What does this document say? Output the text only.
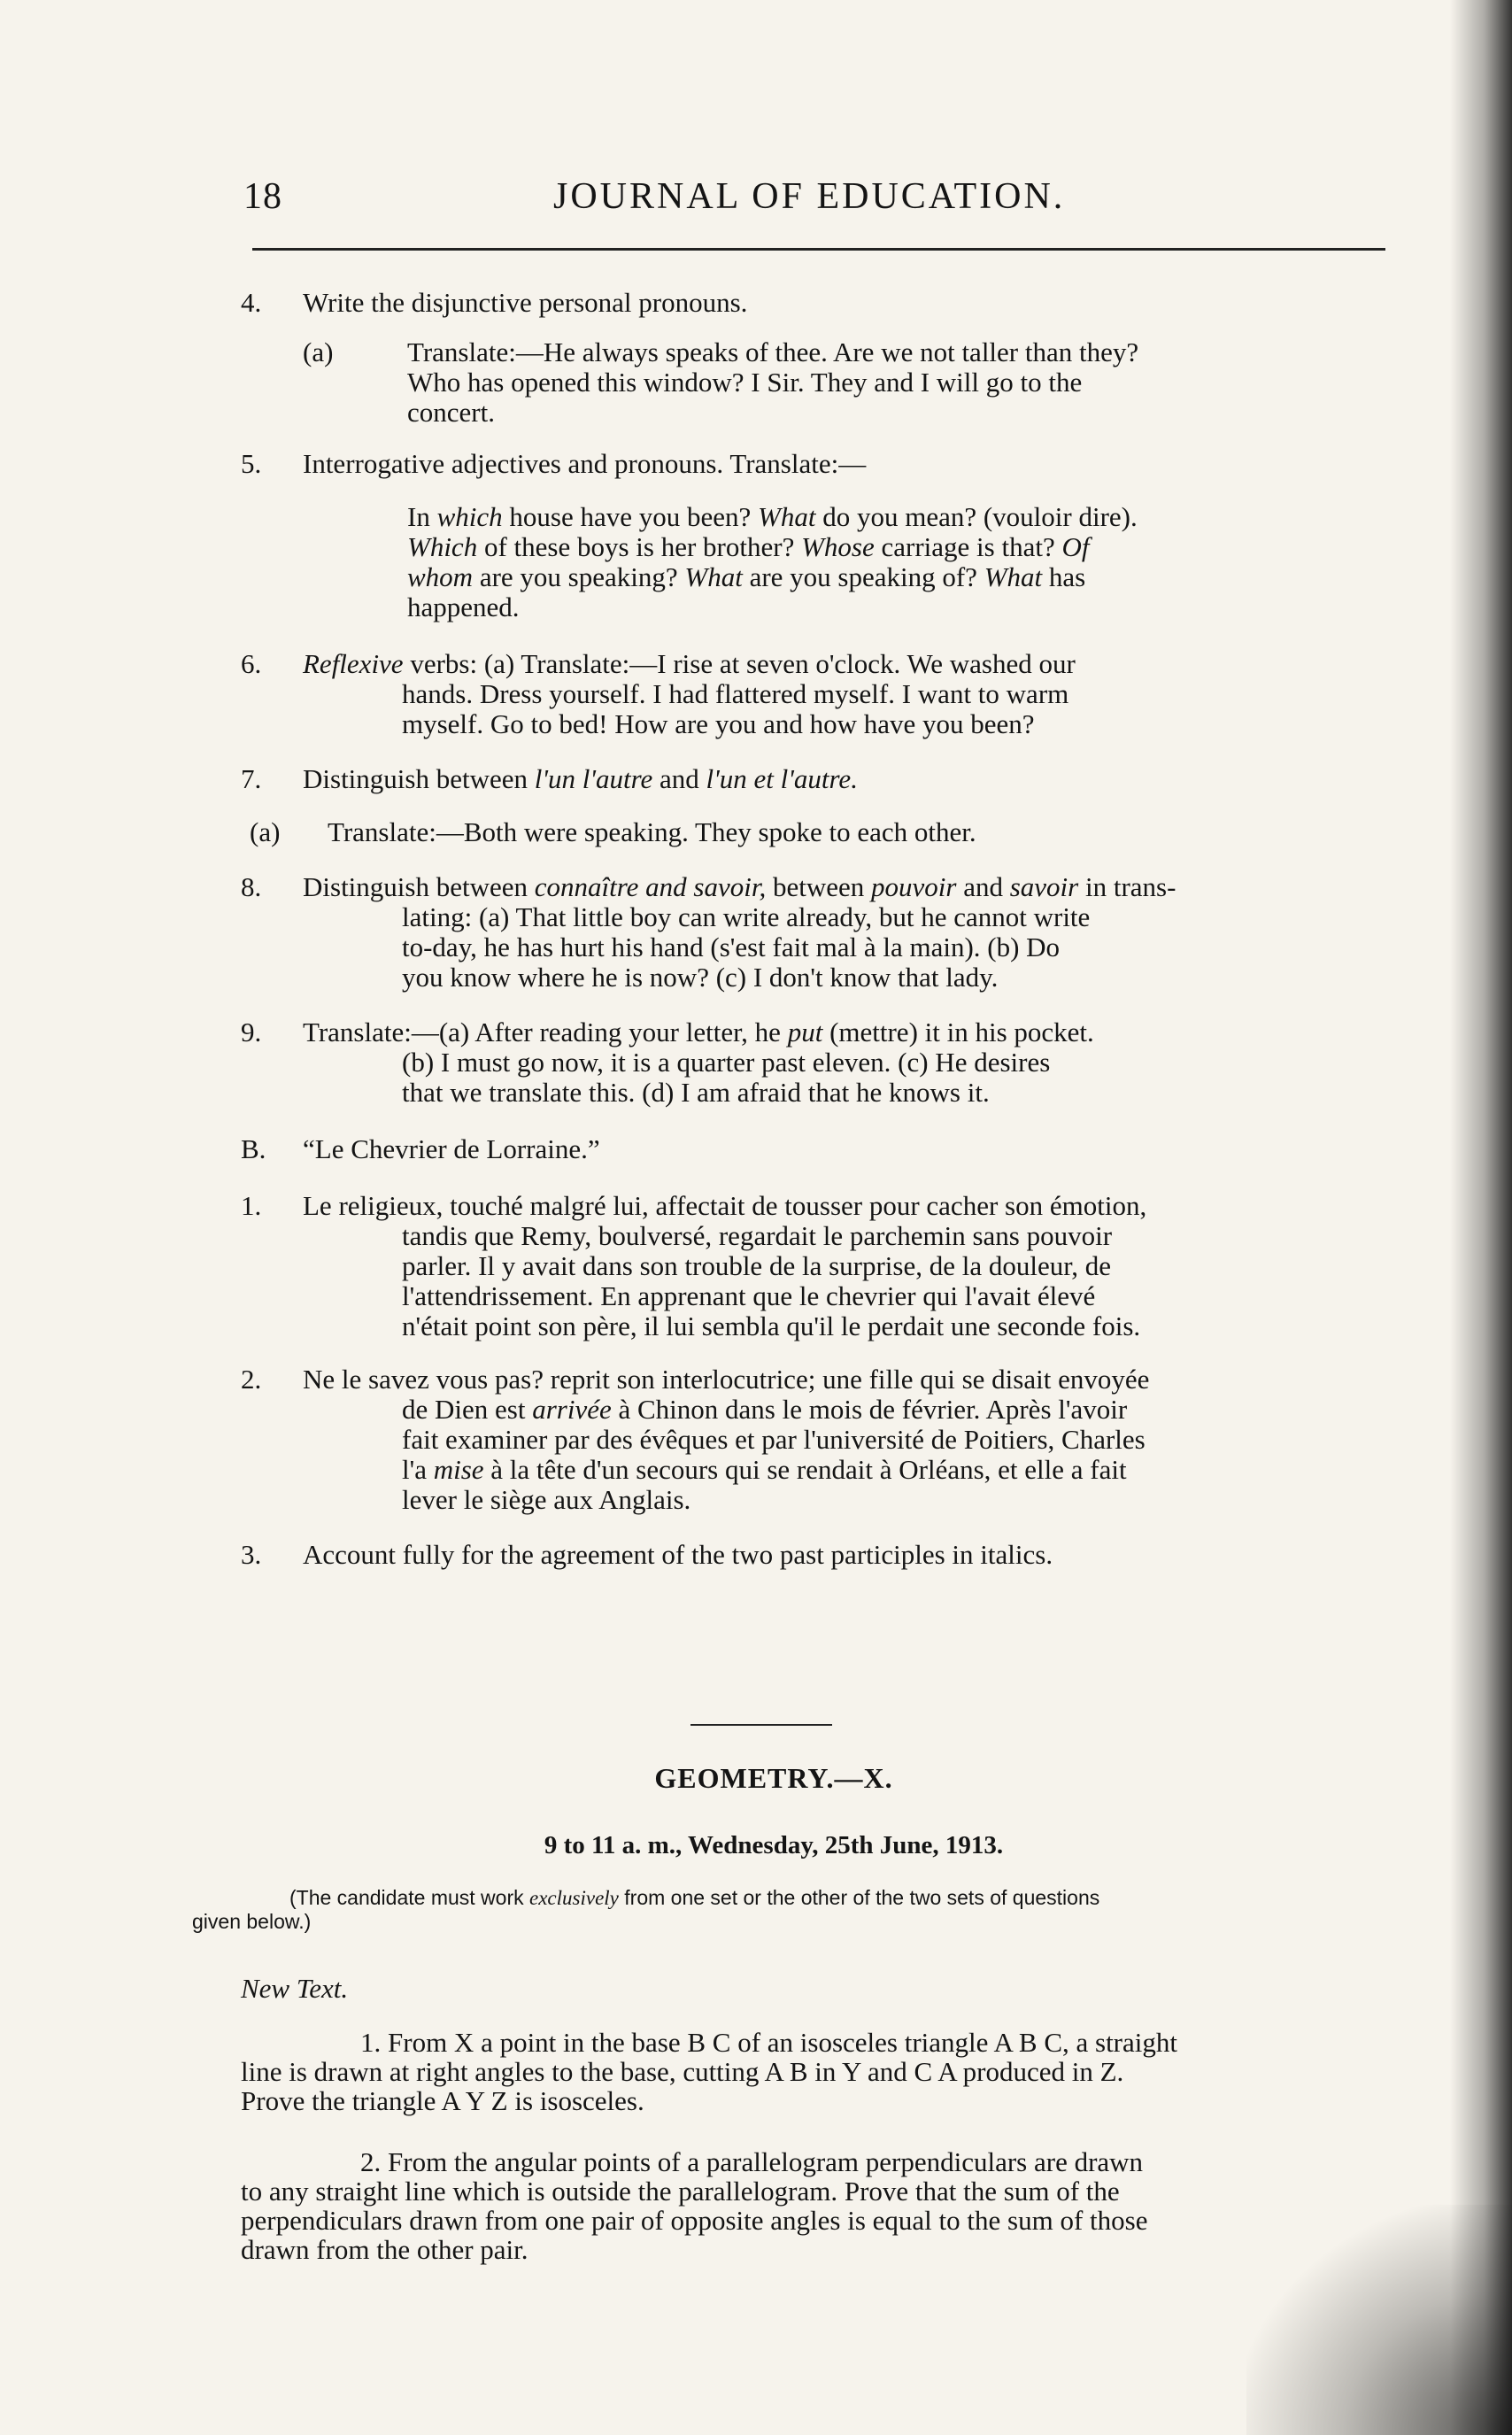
18	JOURNAL OF EDUCATION.
4. Write the disjunctive personal pronouns.
(a)	Translate:—He always speaks of thee. Are we not taller than they?
Who has opened this window? I Sir. They and I will go to the
concert.
5. Interrogative adjectives and pronouns. Translate:—
In which house have you been? What do you mean? (vouloir dire).
Which of these boys is her brother? Whose carriage is that? Of
whom are you speaking? What are you speaking of? What has
happened.
6. Reflexive verbs: (a) Translate:—I rise at seven o'clock. We washed our
hands. Dress yourself. I had flattered myself. I want to warm
myself. Go to bed! How are you and how have you been?
7. Distinguish between l'un l'autre and l'un et l'autre.
(a) Translate:—Both were speaking. They spoke to each other.
8. Distinguish between connaître and savoir, between pouvoir and savoir in trans-
lating: (a) That little boy can write already, but he cannot write
to-day, he has hurt his hand (s'est fait mal à la main). (b) Do
you know where he is now? (c) I don't know that lady.
9. Translate:—(a) After reading your letter, he put (mettre) it in his pocket.
(b) I must go now, it is a quarter past eleven. (c) He desires
that we translate this. (d) I am afraid that he knows it.
B. “Le Chevrier de Lorraine.”
1. Le religieux, touché malgré lui, affectait de tousser pour cacher son émotion,
tandis que Remy, boulversé, regardait le parchemin sans pouvoir
parler. Il y avait dans son trouble de la surprise, de la douleur, de
l'attendrissement. En apprenant que le chevrier qui l'avait élevé
n'était point son père, il lui sembla qu'il le perdait une seconde fois.
2. Ne le savez vous pas? reprit son interlocutrice; une fille qui se disait envoyée
de Dien est arrivée à Chinon dans le mois de février. Après l'avoir
fait examiner par des évêques et par l'université de Poitiers, Charles
l'a mise à la tête d'un secours qui se rendait à Orléans, et elle a fait
lever le siège aux Anglais.
3. Account fully for the agreement of the two past participles in italics.
GEOMETRY.—X.
9 to 11 a. m., Wednesday, 25th June, 1913.
(The candidate must work exclusively from one set or the other of the two sets of questions
given below.)
New Text.
1. From X a point in the base B C of an isosceles triangle A B C, a straight
line is drawn at right angles to the base, cutting A B in Y and C A produced in Z.
Prove the triangle A Y Z is isosceles.
2. From the angular points of a parallelogram perpendiculars are drawn
to any straight line which is outside the parallelogram. Prove that the sum of the
perpendiculars drawn from one pair of opposite angles is equal to the sum of those
drawn from the other pair.
